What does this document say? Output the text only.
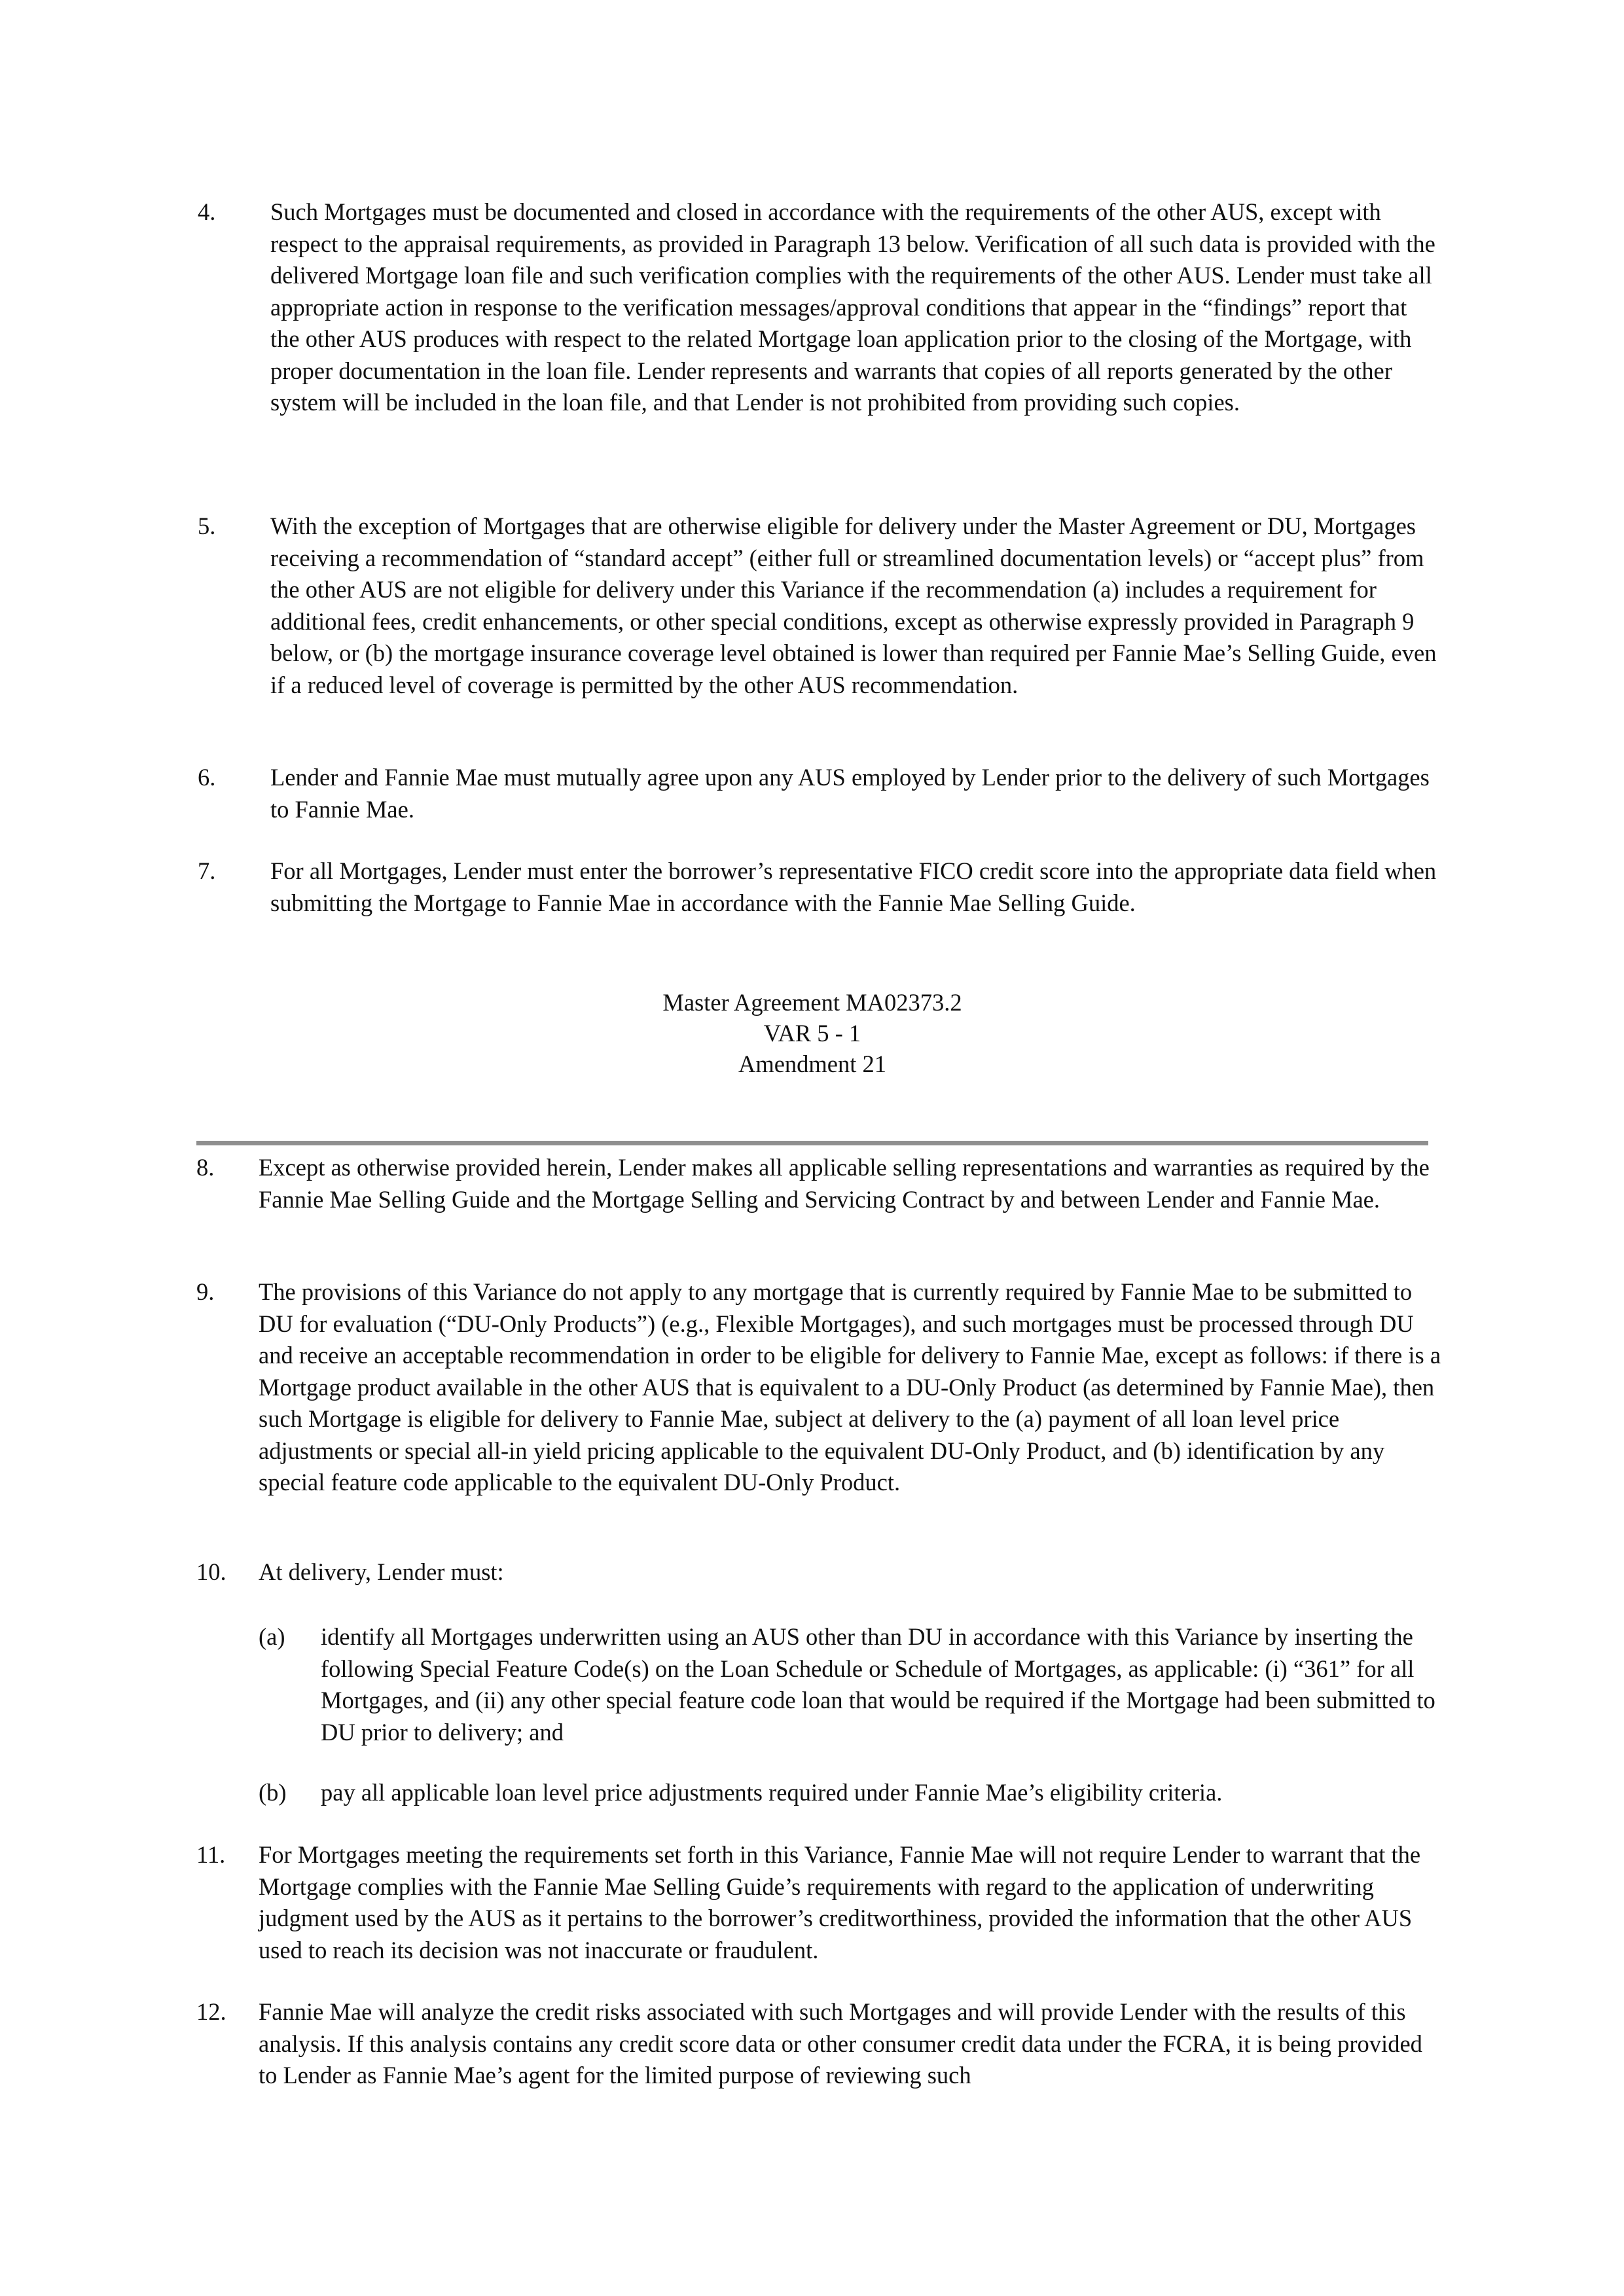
4. Such Mortgages must be documented and closed in accordance with the requirements of the other AUS, except with respect to the appraisal requirements, as provided in Paragraph 13 below. Verification of all such data is provided with the delivered Mortgage loan file and such verification complies with the requirements of the other AUS. Lender must take all appropriate action in response to the verification messages/approval conditions that appear in the “findings” report that the other AUS produces with respect to the related Mortgage loan application prior to the closing of the Mortgage, with proper documentation in the loan file. Lender represents and warrants that copies of all reports generated by the other system will be included in the loan file, and that Lender is not prohibited from providing such copies.

5. With the exception of Mortgages that are otherwise eligible for delivery under the Master Agreement or DU, Mortgages receiving a recommendation of “standard accept” (either full or streamlined documentation levels) or “accept plus” from the other AUS are not eligible for delivery under this Variance if the recommendation (a) includes a requirement for additional fees, credit enhancements, or other special conditions, except as otherwise expressly provided in Paragraph 9 below, or (b) the mortgage insurance coverage level obtained is lower than required per Fannie Mae’s Selling Guide, even if a reduced level of coverage is permitted by the other AUS recommendation.

6. Lender and Fannie Mae must mutually agree upon any AUS employed by Lender prior to the delivery of such Mortgages to Fannie Mae.

7. For all Mortgages, Lender must enter the borrower’s representative FICO credit score into the appropriate data field when submitting the Mortgage to Fannie Mae in accordance with the Fannie Mae Selling Guide.

Master Agreement MA02373.2
VAR 5 - 1
Amendment 21
8. Except as otherwise provided herein, Lender makes all applicable selling representations and warranties as required by the Fannie Mae Selling Guide and the Mortgage Selling and Servicing Contract by and between Lender and Fannie Mae.

9. The provisions of this Variance do not apply to any mortgage that is currently required by Fannie Mae to be submitted to DU for evaluation (“DU-Only Products”) (e.g., Flexible Mortgages), and such mortgages must be processed through DU and receive an acceptable recommendation in order to be eligible for delivery to Fannie Mae, except as follows: if there is a Mortgage product available in the other AUS that is equivalent to a DU-Only Product (as determined by Fannie Mae), then such Mortgage is eligible for delivery to Fannie Mae, subject at delivery to the (a) payment of all loan level price adjustments or special all-in yield pricing applicable to the equivalent DU-Only Product, and (b) identification by any special feature code applicable to the equivalent DU-Only Product.

10. At delivery, Lender must:

(a) identify all Mortgages underwritten using an AUS other than DU in accordance with this Variance by inserting the following Special Feature Code(s) on the Loan Schedule or Schedule of Mortgages, as applicable: (i) “361” for all Mortgages, and (ii) any other special feature code loan that would be required if the Mortgage had been submitted to DU prior to delivery; and

(b) pay all applicable loan level price adjustments required under Fannie Mae’s eligibility criteria.

11. For Mortgages meeting the requirements set forth in this Variance, Fannie Mae will not require Lender to warrant that the Mortgage complies with the Fannie Mae Selling Guide’s requirements with regard to the application of underwriting judgment used by the AUS as it pertains to the borrower’s creditworthiness, provided the information that the other AUS used to reach its decision was not inaccurate or fraudulent.

12. Fannie Mae will analyze the credit risks associated with such Mortgages and will provide Lender with the results of this analysis. If this analysis contains any credit score data or other consumer credit data under the FCRA, it is being provided to Lender as Fannie Mae’s agent for the limited purpose of reviewing such
